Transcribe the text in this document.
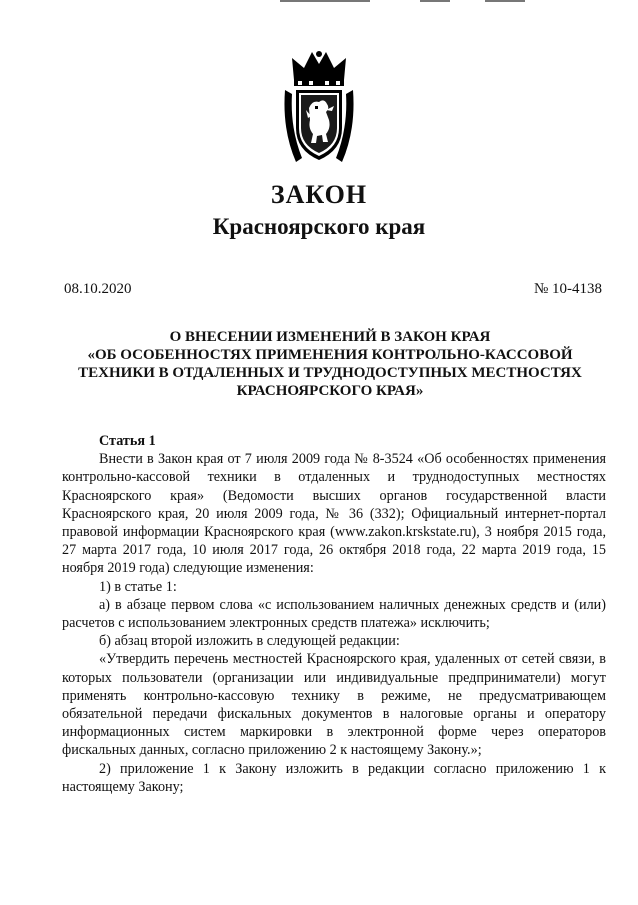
ЗАКОН
Красноярского края
08.10.2020	№ 10-4138
О ВНЕСЕНИИ ИЗМЕНЕНИЙ В ЗАКОН КРАЯ
«ОБ ОСОБЕННОСТЯХ ПРИМЕНЕНИЯ КОНТРОЛЬНО-КАССОВОЙ
ТЕХНИКИ В ОТДАЛЕННЫХ И ТРУДНОДОСТУПНЫХ МЕСТНОСТЯХ
КРАСНОЯРСКОГО КРАЯ»

Статья 1

Внести в Закон края от 7 июля 2009 года № 8-3524 «Об особенностях применения контрольно-кассовой техники в отдаленных и труднодоступных местностях Красноярского края» (Ведомости высших органов государственной власти Красноярского края, 20 июля 2009 года, № 36 (332); Официальный интернет-портал правовой информации Красноярского края (www.zakon.krskstate.ru), 3 ноября 2015 года, 27 марта 2017 года, 10 июля 2017 года, 26 октября 2018 года, 22 марта 2019 года, 15 ноября 2019 года) следующие изменения:

1) в статье 1:

а) в абзаце первом слова «с использованием наличных денежных средств и (или) расчетов с использованием электронных средств платежа» исключить;

б) абзац второй изложить в следующей редакции:

«Утвердить перечень местностей Красноярского края, удаленных от сетей связи, в которых пользователи (организации или индивидуальные предприниматели) могут применять контрольно-кассовую технику в режиме, не предусматривающем обязательной передачи фискальных документов в налоговые органы и оператору информационных систем маркировки в электронной форме через операторов фискальных данных, согласно приложению 2 к настоящему Закону.»;

2) приложение 1 к Закону изложить в редакции согласно приложению 1 к настоящему Закону;
